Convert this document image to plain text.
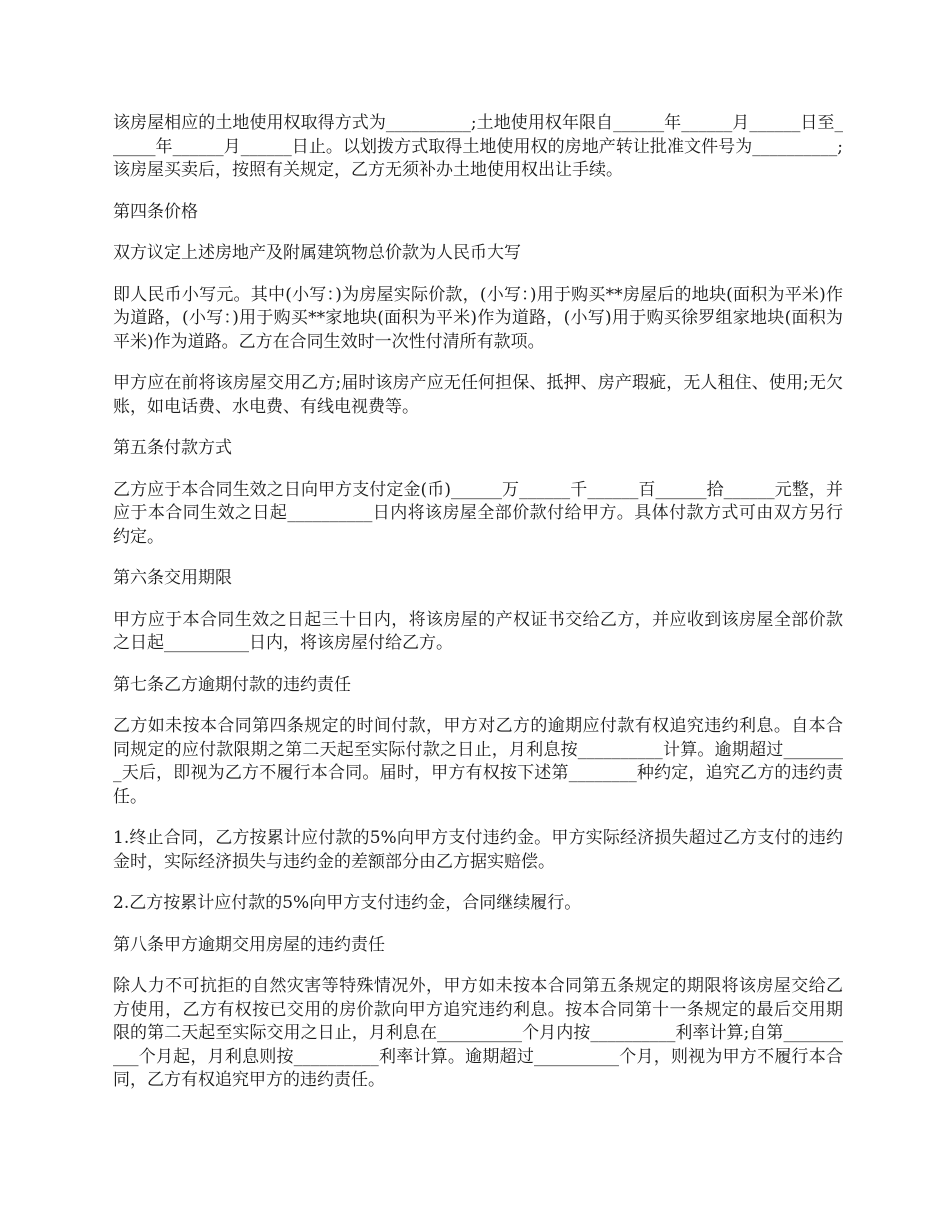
该房屋相应的土地使用权取得方式为__________;土地使用权年限自______年______月______日至______年______月______日止。以划拨方式取得土地使用权的房地产转让批准文件号为__________;该房屋买卖后，按照有关规定，乙方无须补办土地使用权出让手续。

第四条价格

双方议定上述房地产及附属建筑物总价款为人民币大写

即人民币小写元。其中(小写：)为房屋实际价款，(小写：)用于购买**房屋后的地块(面积为平米)作为道路，(小写：)用于购买**家地块(面积为平米)作为道路，(小写)用于购买徐罗组家地块(面积为平米)作为道路。乙方在合同生效时一次性付清所有款项。

甲方应在前将该房屋交用乙方;届时该房产应无任何担保、抵押、房产瑕疵，无人租住、使用;无欠账，如电话费、水电费、有线电视费等。

第五条付款方式

乙方应于本合同生效之日向甲方支付定金(币)______万______千______百______拾______元整，并应于本合同生效之日起__________日内将该房屋全部价款付给甲方。具体付款方式可由双方另行约定。

第六条交用期限

甲方应于本合同生效之日起三十日内，将该房屋的产权证书交给乙方，并应收到该房屋全部价款之日起__________日内，将该房屋付给乙方。

第七条乙方逾期付款的违约责任

乙方如未按本合同第四条规定的时间付款，甲方对乙方的逾期应付款有权追究违约利息。自本合同规定的应付款限期之第二天起至实际付款之日止，月利息按__________计算。逾期超过________天后，即视为乙方不履行本合同。届时，甲方有权按下述第________种约定，追究乙方的违约责任。

1.终止合同，乙方按累计应付款的5%向甲方支付违约金。甲方实际经济损失超过乙方支付的违约金时，实际经济损失与违约金的差额部分由乙方据实赔偿。

2.乙方按累计应付款的5%向甲方支付违约金，合同继续履行。

第八条甲方逾期交用房屋的违约责任

除人力不可抗拒的自然灾害等特殊情况外，甲方如未按本合同第五条规定的期限将该房屋交给乙方使用，乙方有权按已交用的房价款向甲方追究违约利息。按本合同第十一条规定的最后交用期限的第二天起至实际交用之日止，月利息在__________个月内按__________利率计算;自第__________个月起，月利息则按__________利率计算。逾期超过__________个月，则视为甲方不履行本合同，乙方有权追究甲方的违约责任。
